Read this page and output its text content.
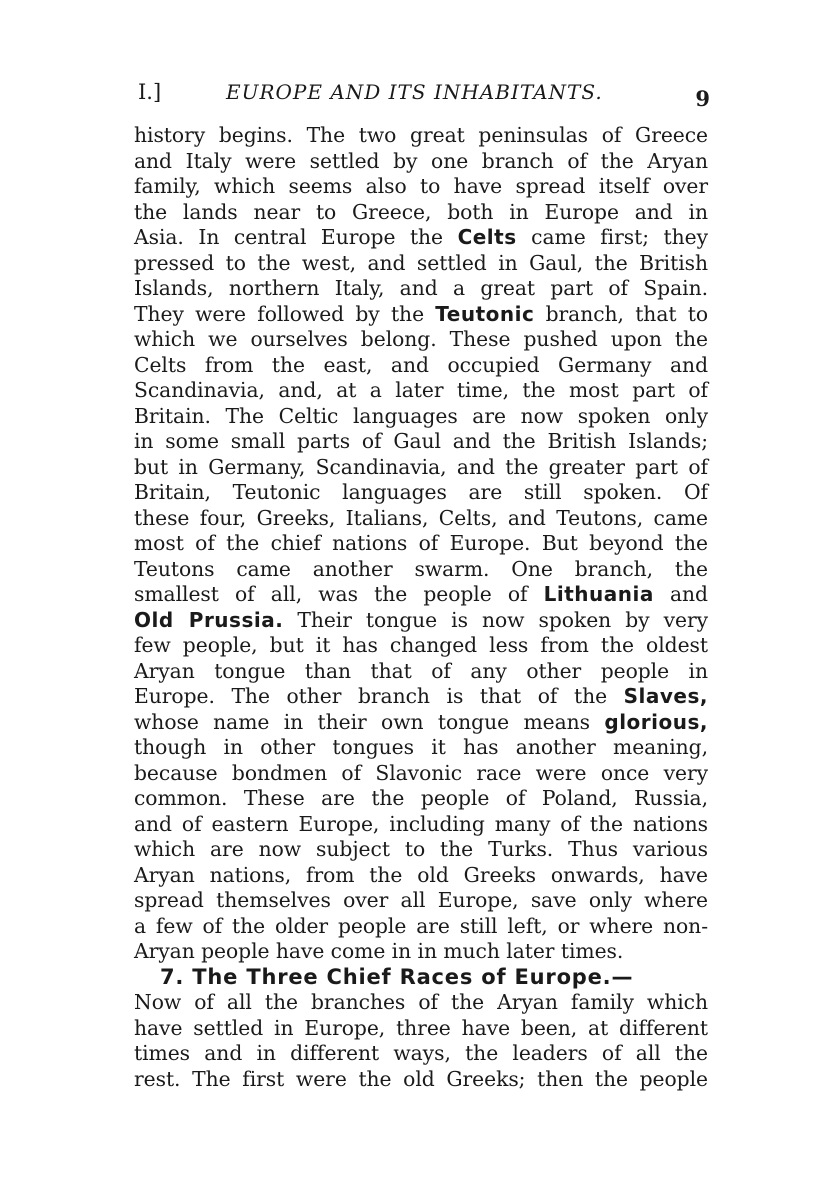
I.]	EUROPE AND ITS INHABITANTS.	9
history begins. The two great peninsulas of Greece
and Italy were settled by one branch of the Aryan
family, which seems also to have spread itself over
the lands near to Greece, both in Europe and in
Asia. In central Europe the Celts came first; they
pressed to the west, and settled in Gaul, the British
Islands, northern Italy, and a great part of Spain.
They were followed by the Teutonic branch, that to
which we ourselves belong. These pushed upon the
Celts from the east, and occupied Germany and
Scandinavia, and, at a later time, the most part of
Britain. The Celtic languages are now spoken only
in some small parts of Gaul and the British Islands;
but in Germany, Scandinavia, and the greater part of
Britain, Teutonic languages are still spoken. Of
these four, Greeks, Italians, Celts, and Teutons, came
most of the chief nations of Europe. But beyond the
Teutons came another swarm. One branch, the
smallest of all, was the people of Lithuania and
Old Prussia. Their tongue is now spoken by very
few people, but it has changed less from the oldest
Aryan tongue than that of any other people in
Europe. The other branch is that of the Slaves,
whose name in their own tongue means glorious,
though in other tongues it has another meaning,
because bondmen of Slavonic race were once very
common. These are the people of Poland, Russia,
and of eastern Europe, including many of the nations
which are now subject to the Turks. Thus various
Aryan nations, from the old Greeks onwards, have
spread themselves over all Europe, save only where
a few of the older people are still left, or where non-
Aryan people have come in in much later times.
7. The Three Chief Races of Europe.—
Now of all the branches of the Aryan family which
have settled in Europe, three have been, at different
times and in different ways, the leaders of all the
rest. The first were the old Greeks; then the people
